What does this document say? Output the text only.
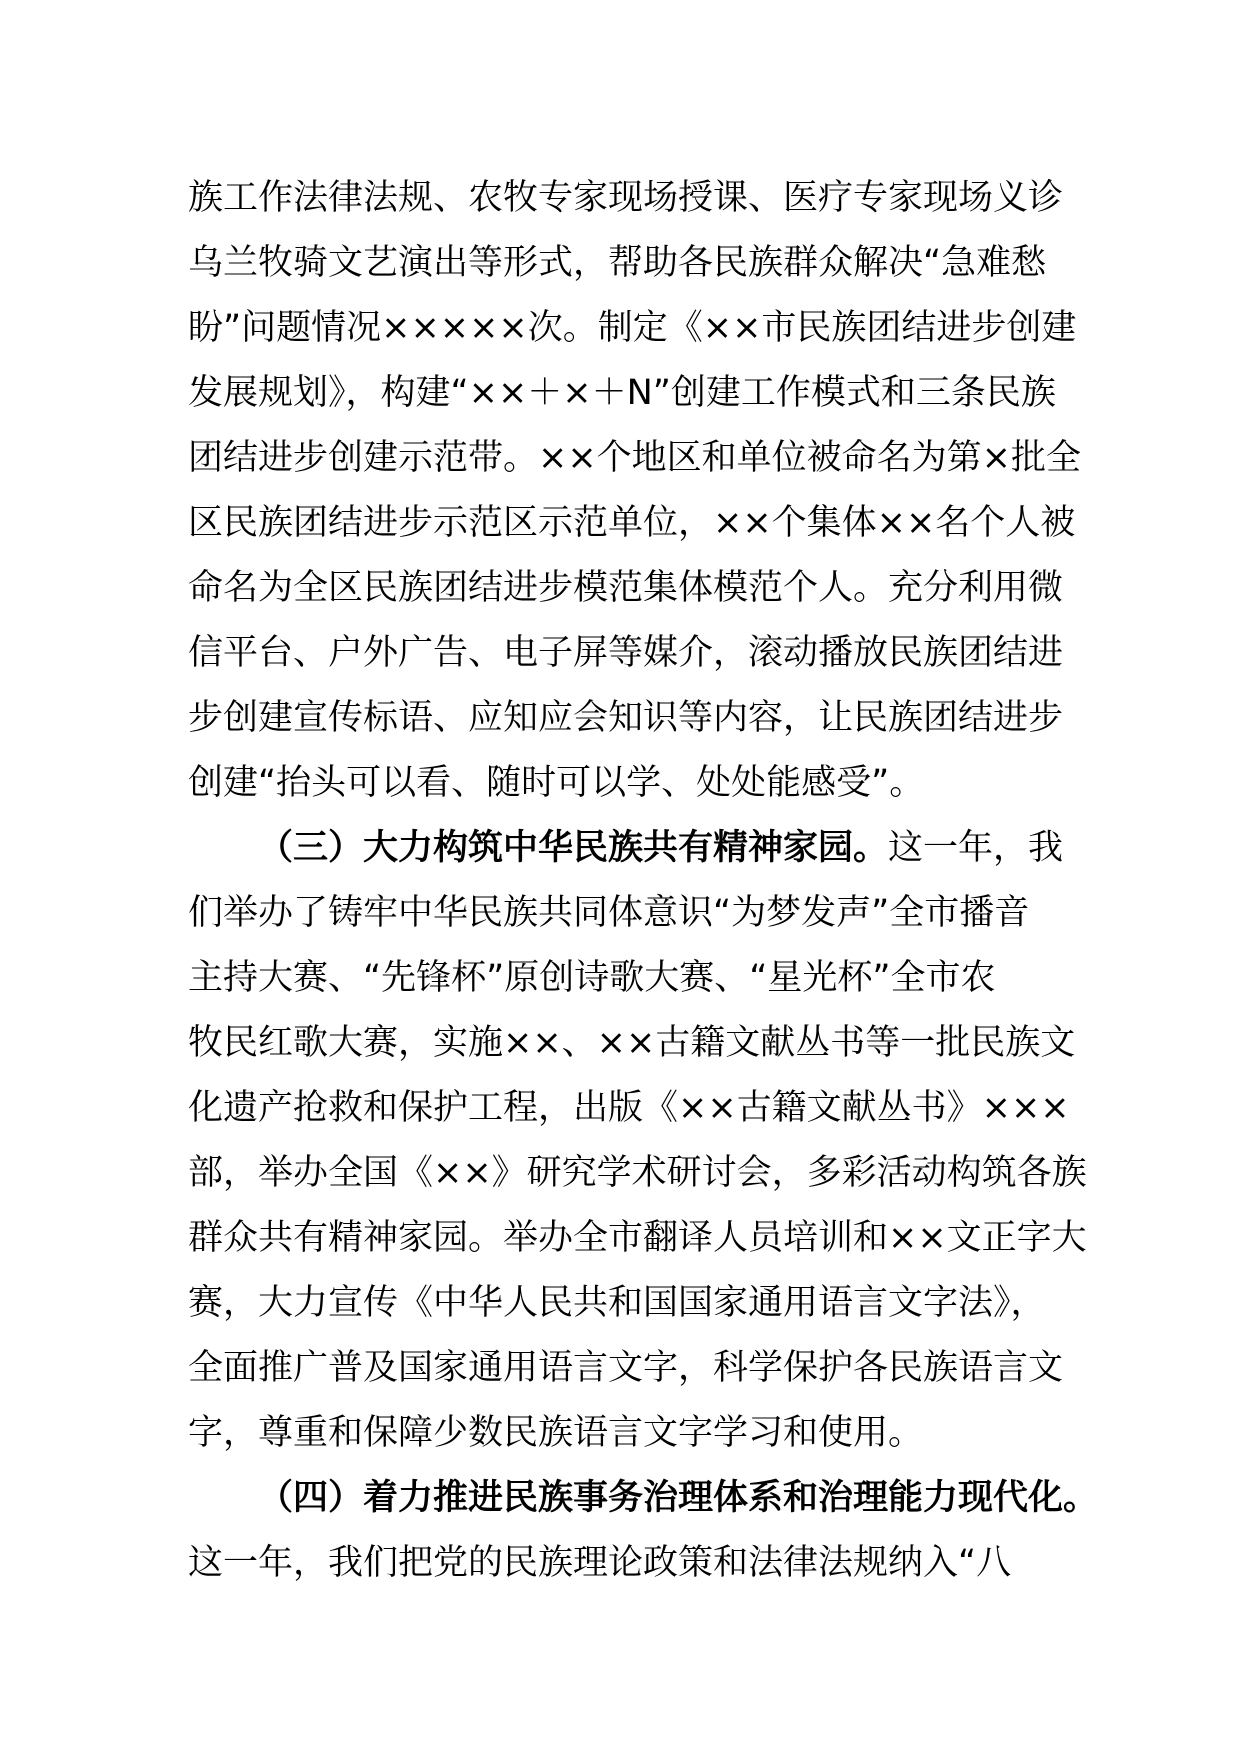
族工作法律法规、农牧专家现场授课、医疗专家现场义诊
乌兰牧骑文艺演出等形式，帮助各民族群众解决“急难愁
盼”问题情况×××××次。制定《××市民族团结进步创建
发展规划》，构建“××＋×＋N”创建工作模式和三条民族
团结进步创建示范带。××个地区和单位被命名为第×批全
区民族团结进步示范区示范单位，××个集体××名个人被
命名为全区民族团结进步模范集体模范个人。充分利用微
信平台、户外广告、电子屏等媒介，滚动播放民族团结进
步创建宣传标语、应知应会知识等内容，让民族团结进步
创建“抬头可以看、随时可以学、处处能感受”。
（三）大力构筑中华民族共有精神家园。这一年，我
们举办了铸牢中华民族共同体意识“为梦发声”全市播音
主持大赛、“先锋杯”原创诗歌大赛、“星光杯”全市农
牧民红歌大赛，实施××、××古籍文献丛书等一批民族文
化遗产抢救和保护工程，出版《××古籍文献丛书》×××
部，举办全国《××》研究学术研讨会，多彩活动构筑各族
群众共有精神家园。举办全市翻译人员培训和××文正字大
赛，大力宣传《中华人民共和国国家通用语言文字法》，
全面推广普及国家通用语言文字，科学保护各民族语言文
字，尊重和保障少数民族语言文字学习和使用。
（四）着力推进民族事务治理体系和治理能力现代化。
这一年，我们把党的民族理论政策和法律法规纳入“八
